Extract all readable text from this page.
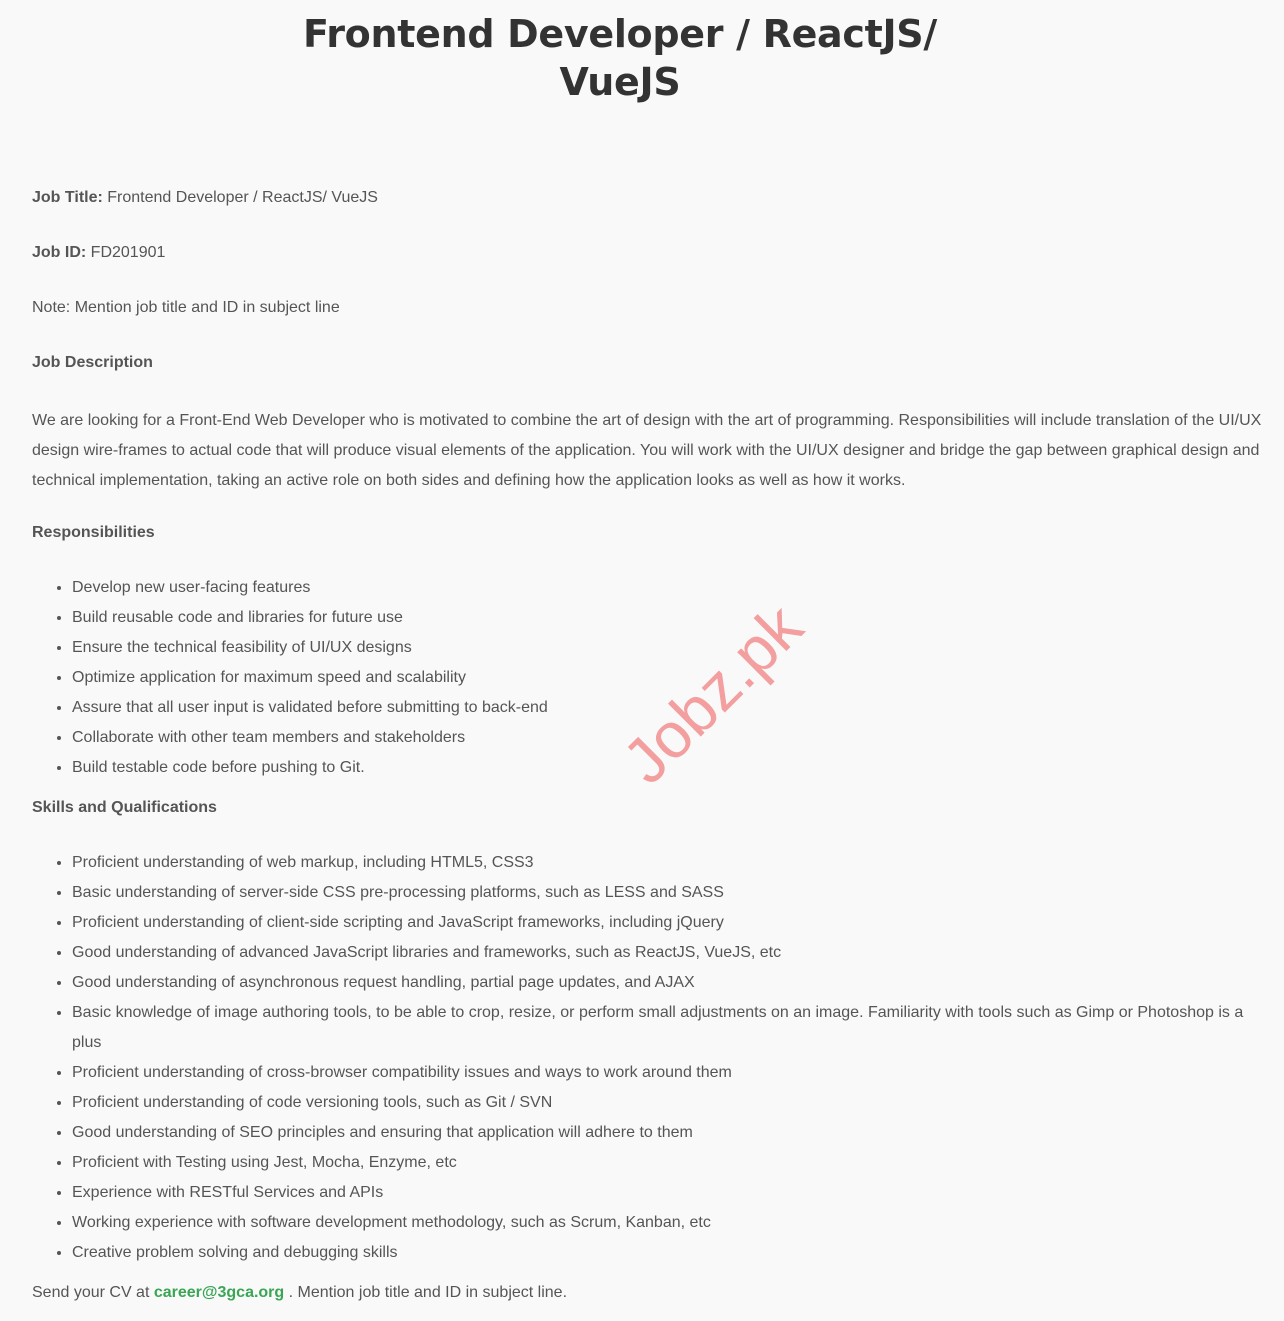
Frontend Developer / ReactJS/
VueJS

Job Title: Frontend Developer / ReactJS/ VueJS

Job ID: FD201901

Note: Mention job title and ID in subject line

Job Description

We are looking for a Front-End Web Developer who is motivated to combine the art of design with the art of programming. Responsibilities will include translation of the UI/UX design wire-frames to actual code that will produce visual elements of the application. You will work with the UI/UX designer and bridge the gap between graphical design and technical implementation, taking an active role on both sides and defining how the application looks as well as how it works.

Responsibilities
• Develop new user-facing features
• Build reusable code and libraries for future use
• Ensure the technical feasibility of UI/UX designs
• Optimize application for maximum speed and scalability
• Assure that all user input is validated before submitting to back-end
• Collaborate with other team members and stakeholders
• Build testable code before pushing to Git.
Skills and Qualifications
• Proficient understanding of web markup, including HTML5, CSS3
• Basic understanding of server-side CSS pre-processing platforms, such as LESS and SASS
• Proficient understanding of client-side scripting and JavaScript frameworks, including jQuery
• Good understanding of advanced JavaScript libraries and frameworks, such as ReactJS, VueJS, etc
• Good understanding of asynchronous request handling, partial page updates, and AJAX
• Basic knowledge of image authoring tools, to be able to crop, resize, or perform small adjustments on an image. Familiarity with tools such as Gimp or Photoshop is a plus
• Proficient understanding of cross-browser compatibility issues and ways to work around them
• Proficient understanding of code versioning tools, such as Git / SVN
• Good understanding of SEO principles and ensuring that application will adhere to them
• Proficient with Testing using Jest, Mocha, Enzyme, etc
• Experience with RESTful Services and APIs
• Working experience with software development methodology, such as Scrum, Kanban, etc
• Creative problem solving and debugging skills

Send your CV at career@3gca.org . Mention job title and ID in subject line.

Jobz.pk
